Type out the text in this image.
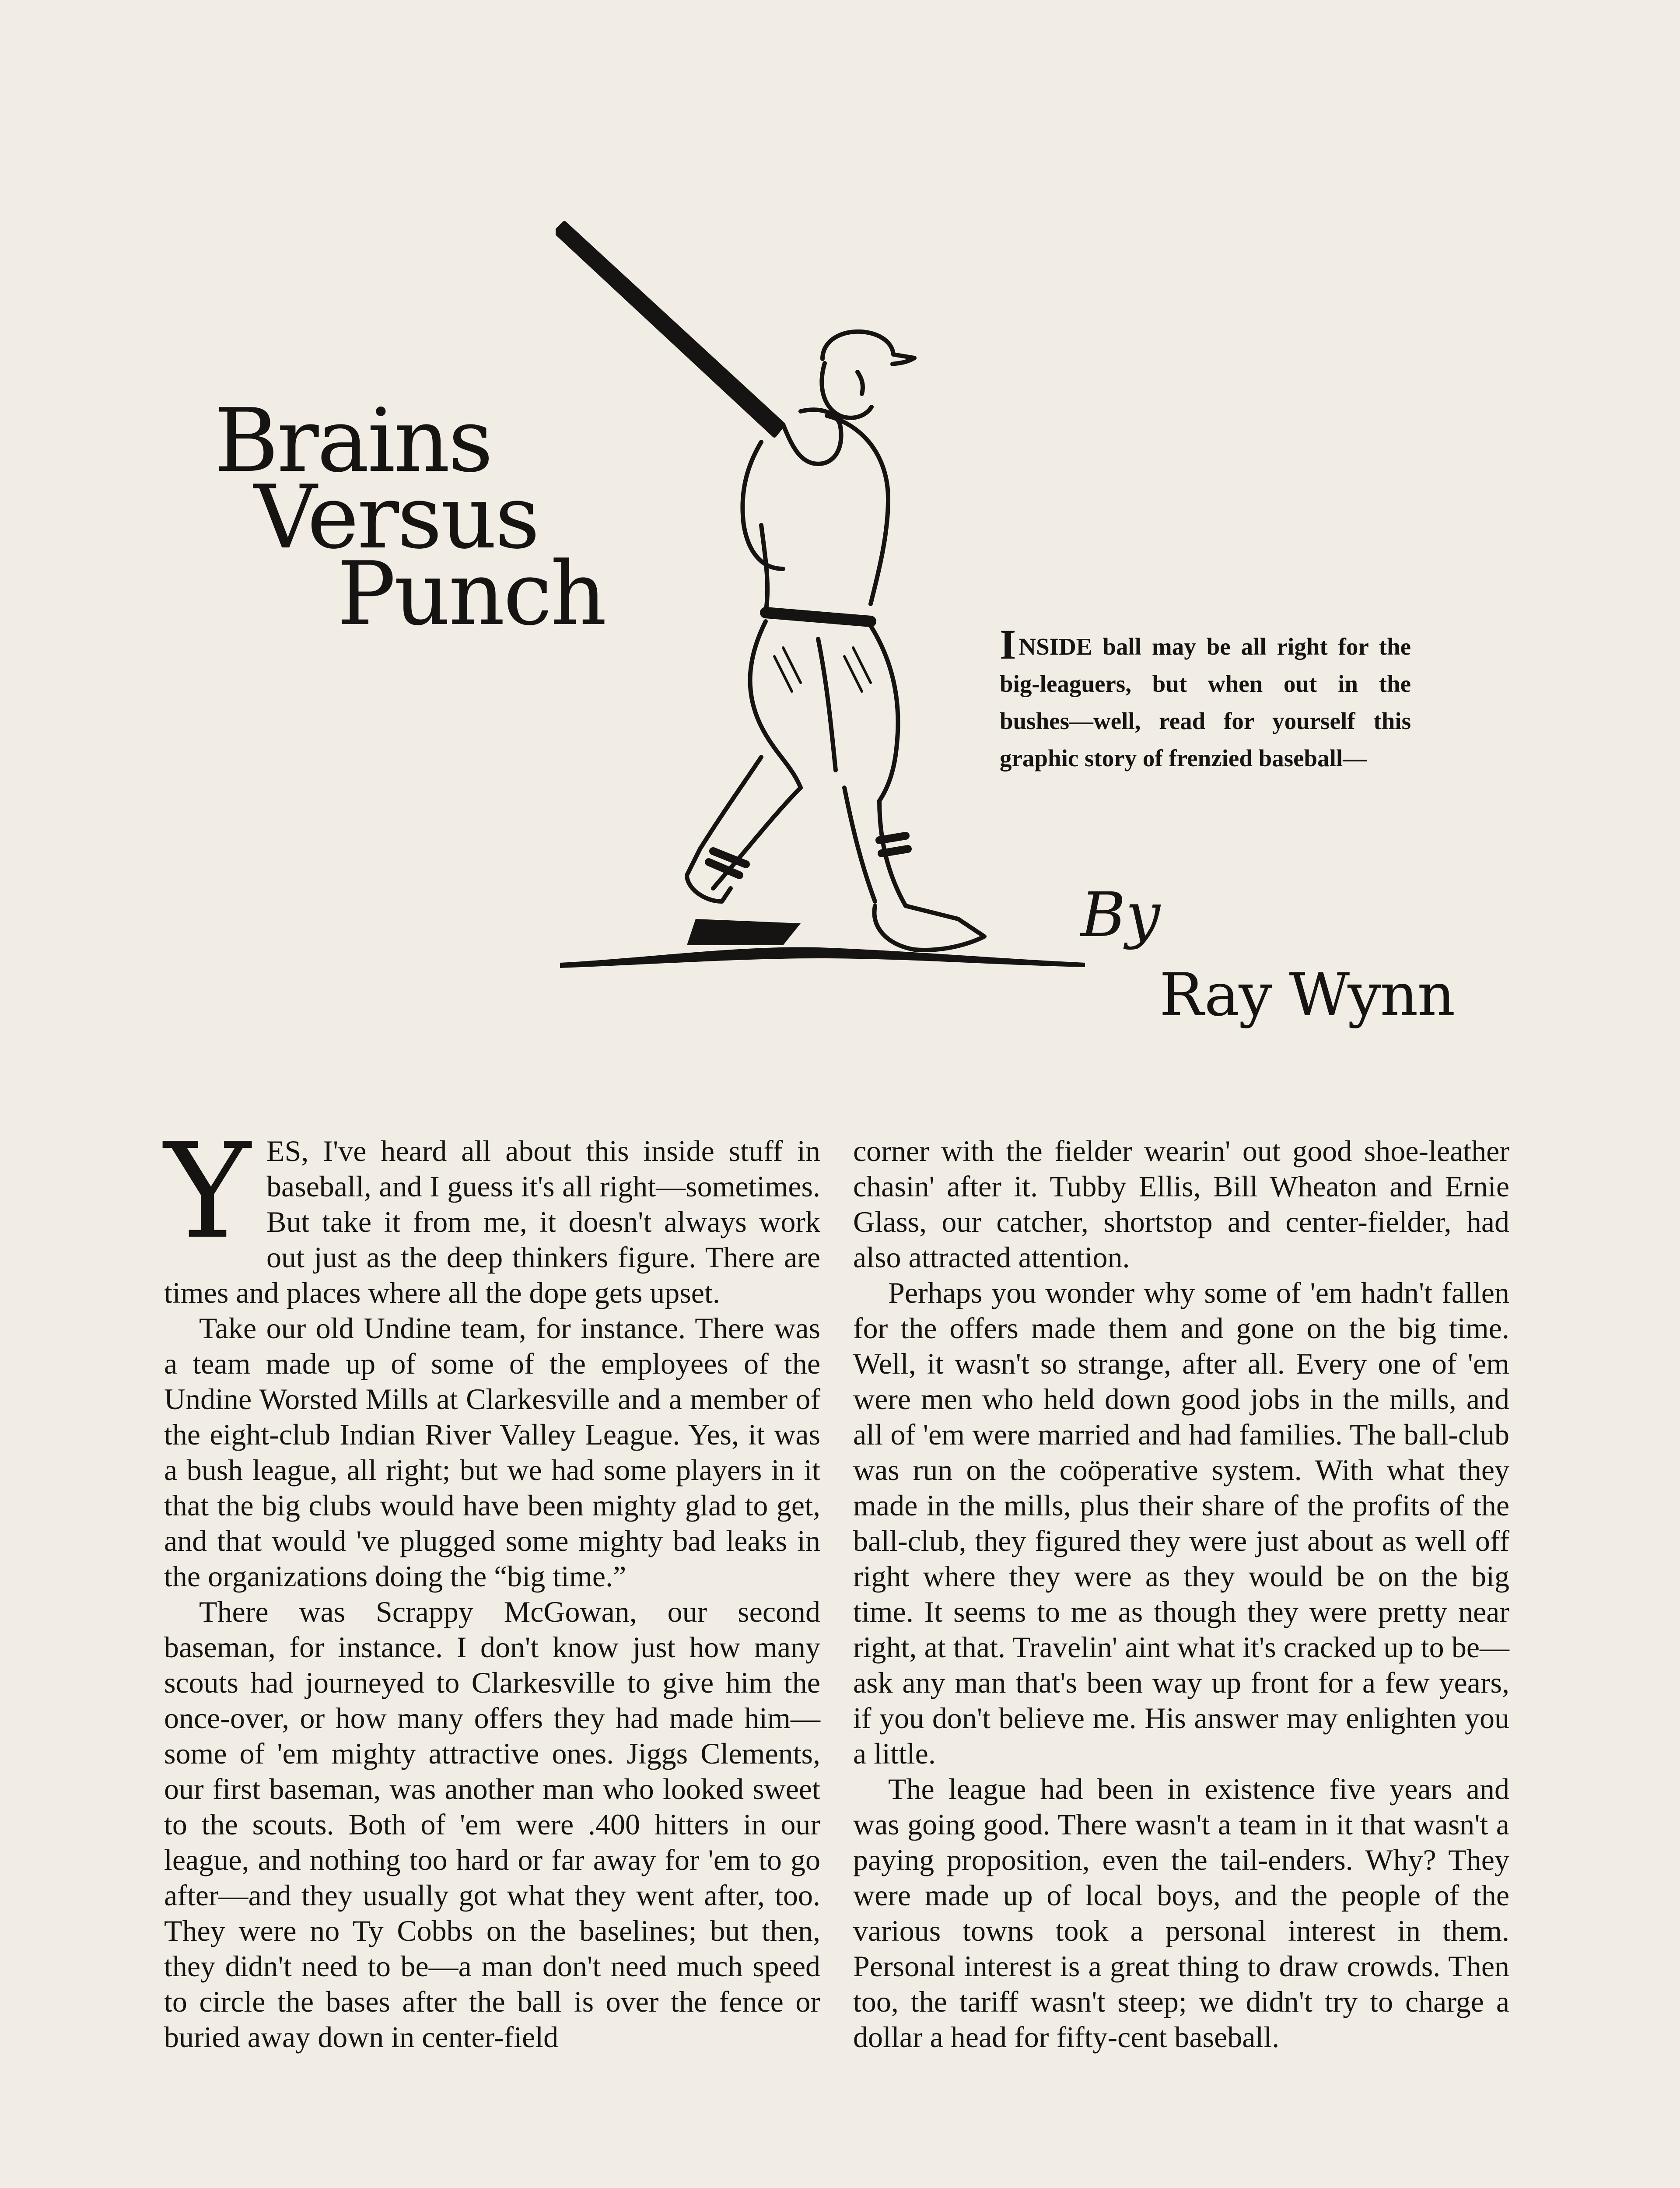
Brains
Versus
Punch	I NSIDE ball may be all right for the big-leaguers, but when out in the bushes—well, read for yourself this graphic story of frenzied baseball—
By
Ray Wynn

YES, I've heard all about this inside stuff in baseball, and I guess it's all right—sometimes. But take it from me, it doesn't always work out just as the deep thinkers figure. There are times and places where all the dope gets upset.

Take our old Undine team, for instance. There was a team made up of some of the employees of the Undine Worsted Mills at Clarkesville and a member of the eight-club Indian River Valley League. Yes, it was a bush league, all right; but we had some players in it that the big clubs would have been mighty glad to get, and that would 've plugged some mighty bad leaks in the organizations doing the “big time.”

There was Scrappy McGowan, our second baseman, for instance. I don't know just how many scouts had journeyed to Clarkesville to give him the once-over, or how many offers they had made him—some of 'em mighty attractive ones. Jiggs Clements, our first baseman, was another man who looked sweet to the scouts. Both of 'em were .400 hitters in our league, and nothing too hard or far away for 'em to go after—and they usually got what they went after, too. They were no Ty Cobbs on the baselines; but then, they didn't need to be—a man don't need much speed to circle the bases after the ball is over the fence or buried away down in center-field

corner with the fielder wearin' out good shoe-leather chasin' after it. Tubby Ellis, Bill Wheaton and Ernie Glass, our catcher, shortstop and center-fielder, had also attracted attention.

Perhaps you wonder why some of 'em hadn't fallen for the offers made them and gone on the big time. Well, it wasn't so strange, after all. Every one of 'em were men who held down good jobs in the mills, and all of 'em were married and had families. The ball-club was run on the coöperative system. With what they made in the mills, plus their share of the profits of the ball-club, they figured they were just about as well off right where they were as they would be on the big time. It seems to me as though they were pretty near right, at that. Travelin' aint what it's cracked up to be—ask any man that's been way up front for a few years, if you don't believe me. His answer may enlighten you a little.

The league had been in existence five years and was going good. There wasn't a team in it that wasn't a paying proposition, even the tail-enders. Why? They were made up of local boys, and the people of the various towns took a personal interest in them. Personal interest is a great thing to draw crowds. Then too, the tariff wasn't steep; we didn't try to charge a dollar a head for fifty-cent baseball.
